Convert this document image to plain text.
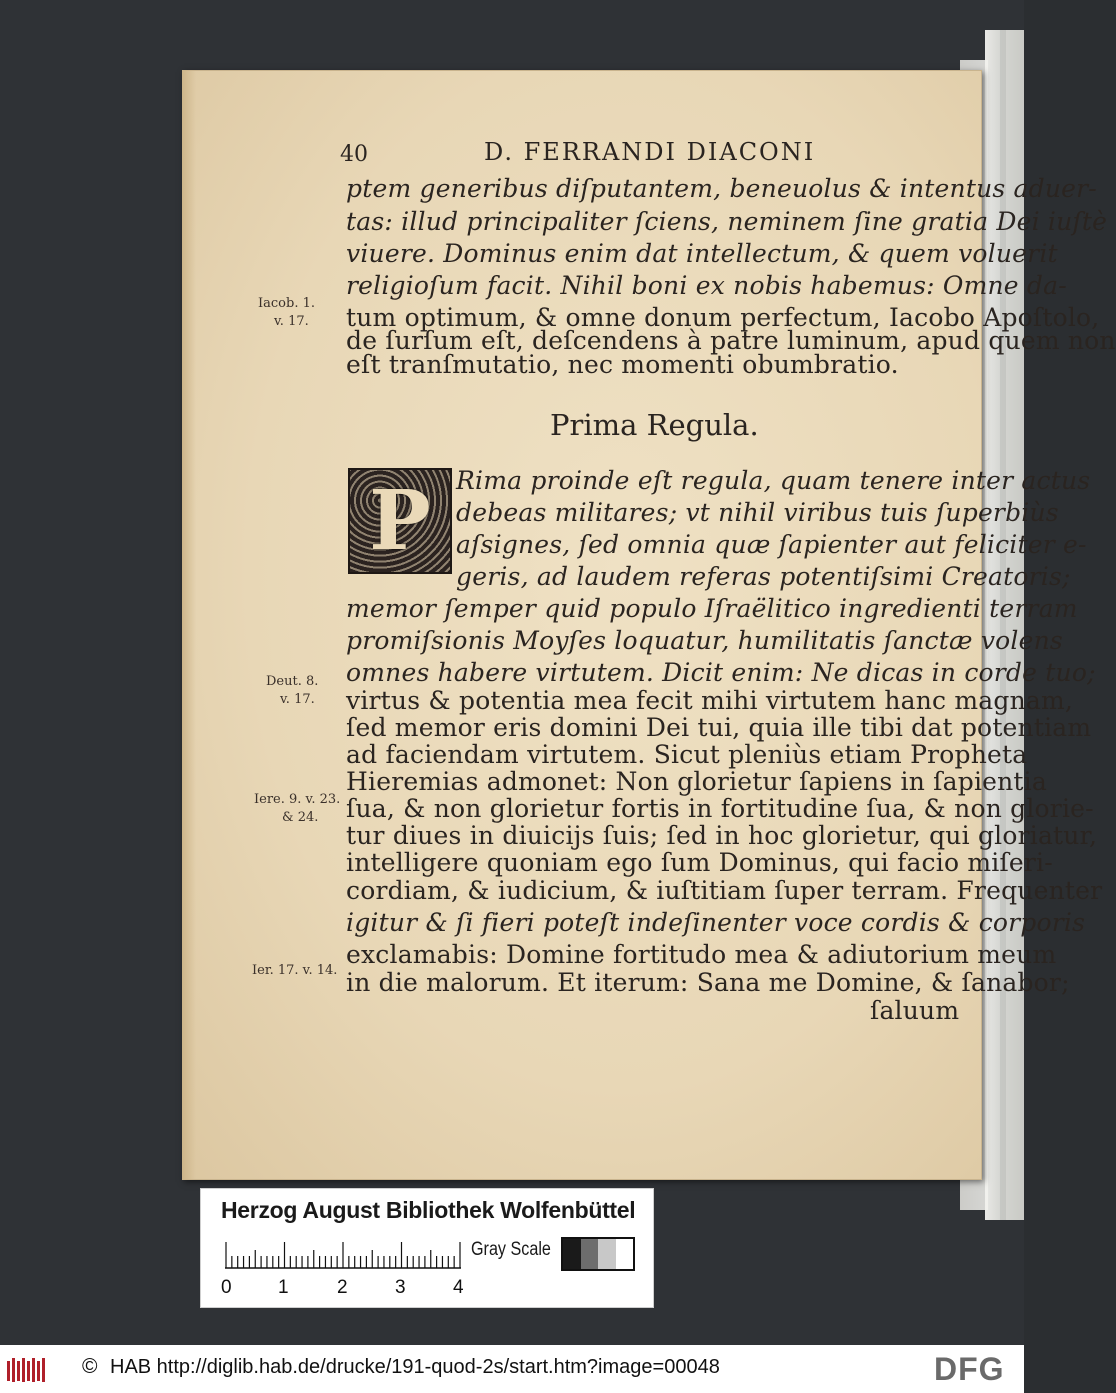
40	D. FERRANDI DIACONI
ptem generibus diſputantem, beneuolus & intentus aduer-
tas: illud principaliter ſciens, neminem ſine gratia Dei iuſtè
viuere. Dominus enim dat intellectum, & quem voluerit
religioſum facit. Nihil boni ex nobis habemus: Omne da-
tum optimum, & omne donum perfectum, Iacobo Apoſtolo,
de ſurſum eſt, deſcendens à patre luminum, apud quem non
eſt tranſmutatio, nec momenti obumbratio.
Iacob. 1.
v. 17.
Prima Regula.
P	Rima proinde eſt regula, quam tenere inter actus
debeas militares; vt nihil viribus tuis ſuperbiùs
aſsignes, ſed omnia quæ ſapienter aut feliciter e-
geris, ad laudem referas potentiſsimi Creatoris;
memor ſemper quid populo Iſraëlitico ingredienti terram
promiſsionis Moyſes loquatur, humilitatis ſanctæ volens
omnes habere virtutem. Dicit enim: Ne dicas in corde tuo;
virtus & potentia mea fecit mihi virtutem hanc magnam,
ſed memor eris domini Dei tui, quia ille tibi dat potentiam
ad faciendam virtutem. Sicut pleniùs etiam Propheta
Hieremias admonet: Non glorietur ſapiens in ſapientia
ſua, & non glorietur fortis in fortitudine ſua, & non glorie-
tur diues in diuicijs ſuis; ſed in hoc glorietur, qui gloriatur,
intelligere quoniam ego ſum Dominus, qui facio miſeri-
cordiam, & iudicium, & iuſtitiam ſuper terram. Frequenter
igitur & ſi fieri poteſt indeſinenter voce cordis & corporis
exclamabis: Domine fortitudo mea & adiutorium meum
in die malorum. Et iterum: Sana me Domine, & ſanabor;
ſaluum
Deut. 8.
v. 17.
Iere. 9. v. 23.
& 24.
Ier. 17. v. 14.
Herzog August Bibliothek Wolfenbüttel
0 1	2 3 4
Gray Scale
© HAB http://diglib.hab.de/drucke/191-quod-2s/start.htm?image=00048	DFG
